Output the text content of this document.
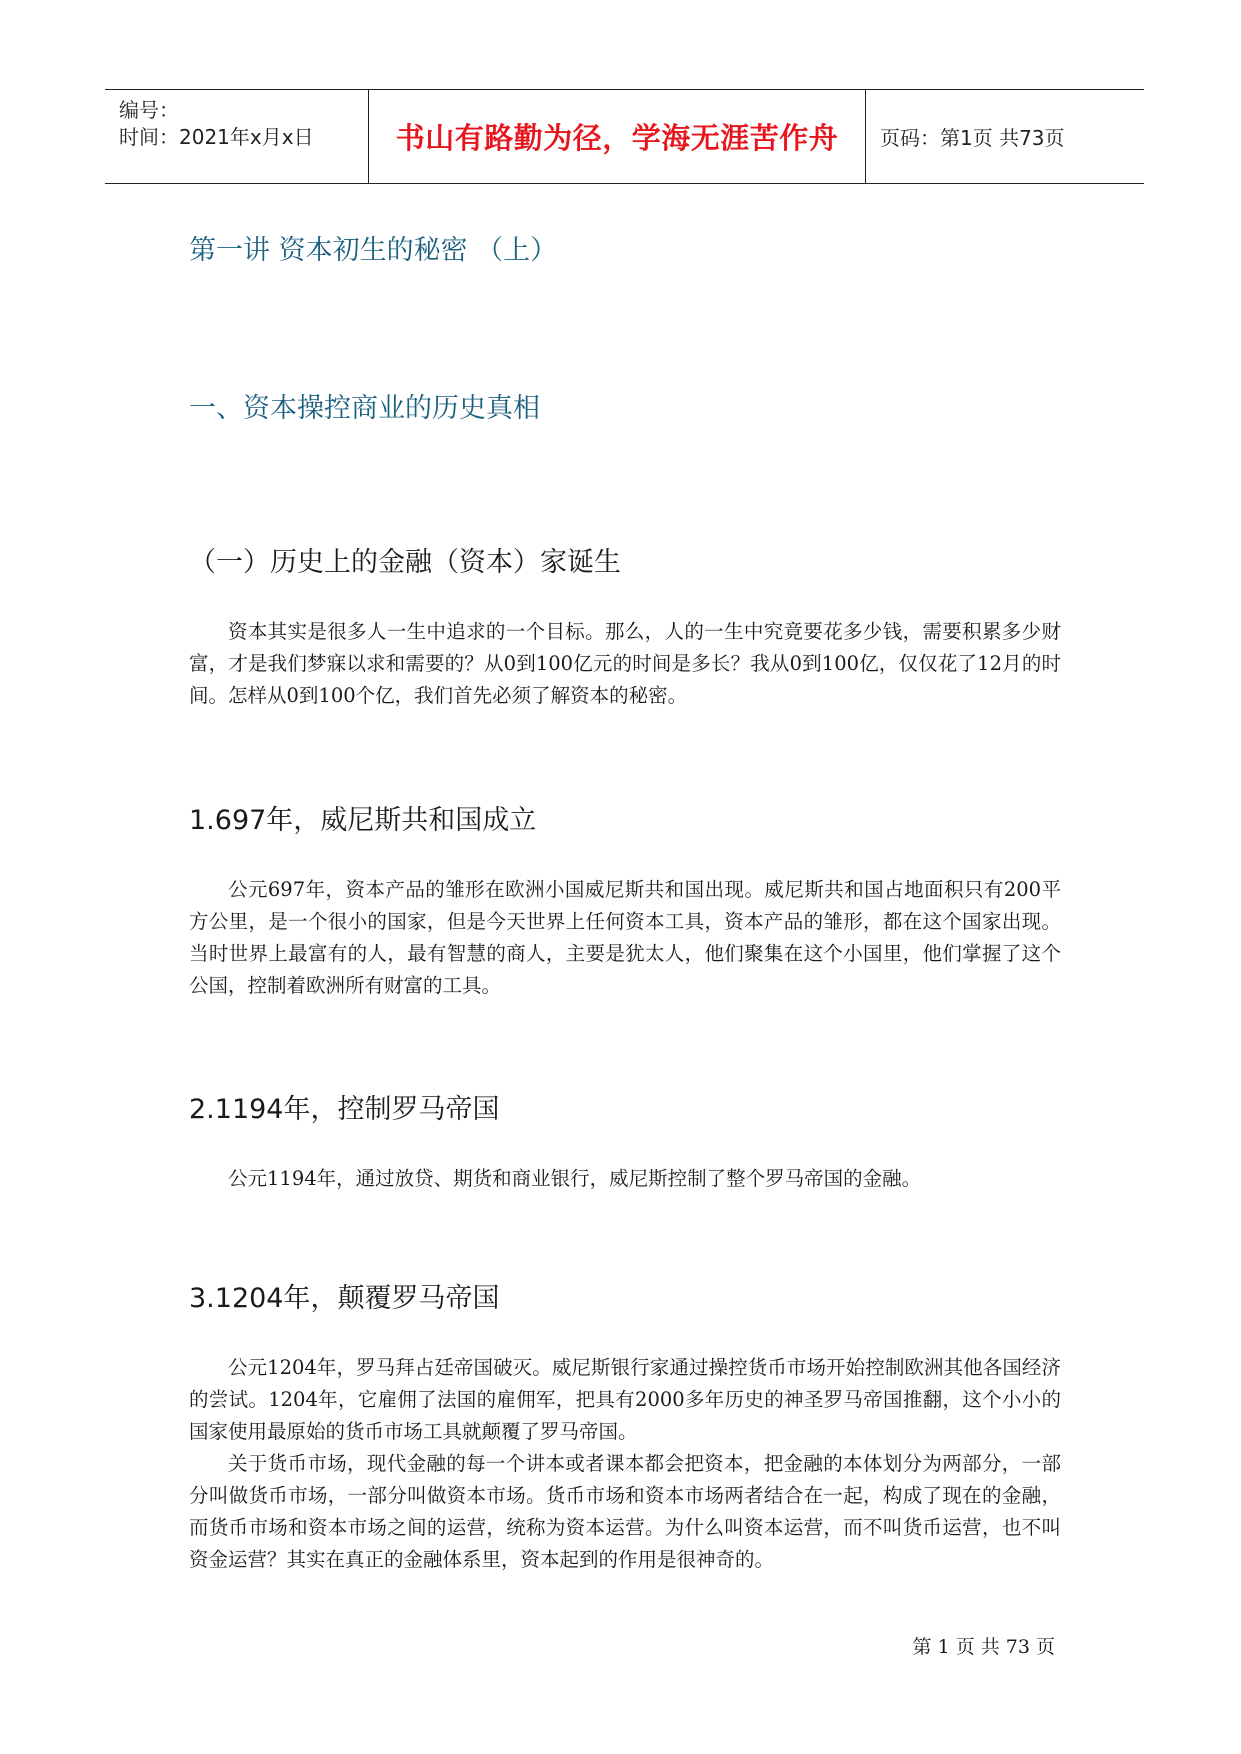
编号：
时间：2021年x月x日	书山有路勤为径，学海无涯苦作舟	页码：第1页 共73页
第一讲 资本初生的秘密 （上）
一、资本操控商业的历史真相
（一）历史上的金融（资本）家诞生

资本其实是很多人一生中追求的一个目标。那么，人的一生中究竟要花多少钱，需要积累多少财富，才是我们梦寐以求和需要的？从0到100亿元的时间是多长？我从0到100亿，仅仅花了12月的时间。怎样从0到100个亿，我们首先必须了解资本的秘密。

1.697年，威尼斯共和国成立

公元697年，资本产品的雏形在欧洲小国威尼斯共和国出现。威尼斯共和国占地面积只有200平方公里，是一个很小的国家，但是今天世界上任何资本工具，资本产品的雏形，都在这个国家出现。当时世界上最富有的人，最有智慧的商人，主要是犹太人，他们聚集在这个小国里，他们掌握了这个公国，控制着欧洲所有财富的工具。

2.1194年，控制罗马帝国

公元1194年，通过放贷、期货和商业银行，威尼斯控制了整个罗马帝国的金融。

3.1204年，颠覆罗马帝国

公元1204年，罗马拜占廷帝国破灭。威尼斯银行家通过操控货币市场开始控制欧洲其他各国经济的尝试。1204年，它雇佣了法国的雇佣军，把具有2000多年历史的神圣罗马帝国推翻，这个小小的国家使用最原始的货币市场工具就颠覆了罗马帝国。

关于货币市场，现代金融的每一个讲本或者课本都会把资本，把金融的本体划分为两部分，一部分叫做货币市场，一部分叫做资本市场。货币市场和资本市场两者结合在一起，构成了现在的金融，而货币市场和资本市场之间的运营，统称为资本运营。为什么叫资本运营，而不叫货币运营，也不叫资金运营？其实在真正的金融体系里，资本起到的作用是很神奇的。

第 1 页 共 73 页
